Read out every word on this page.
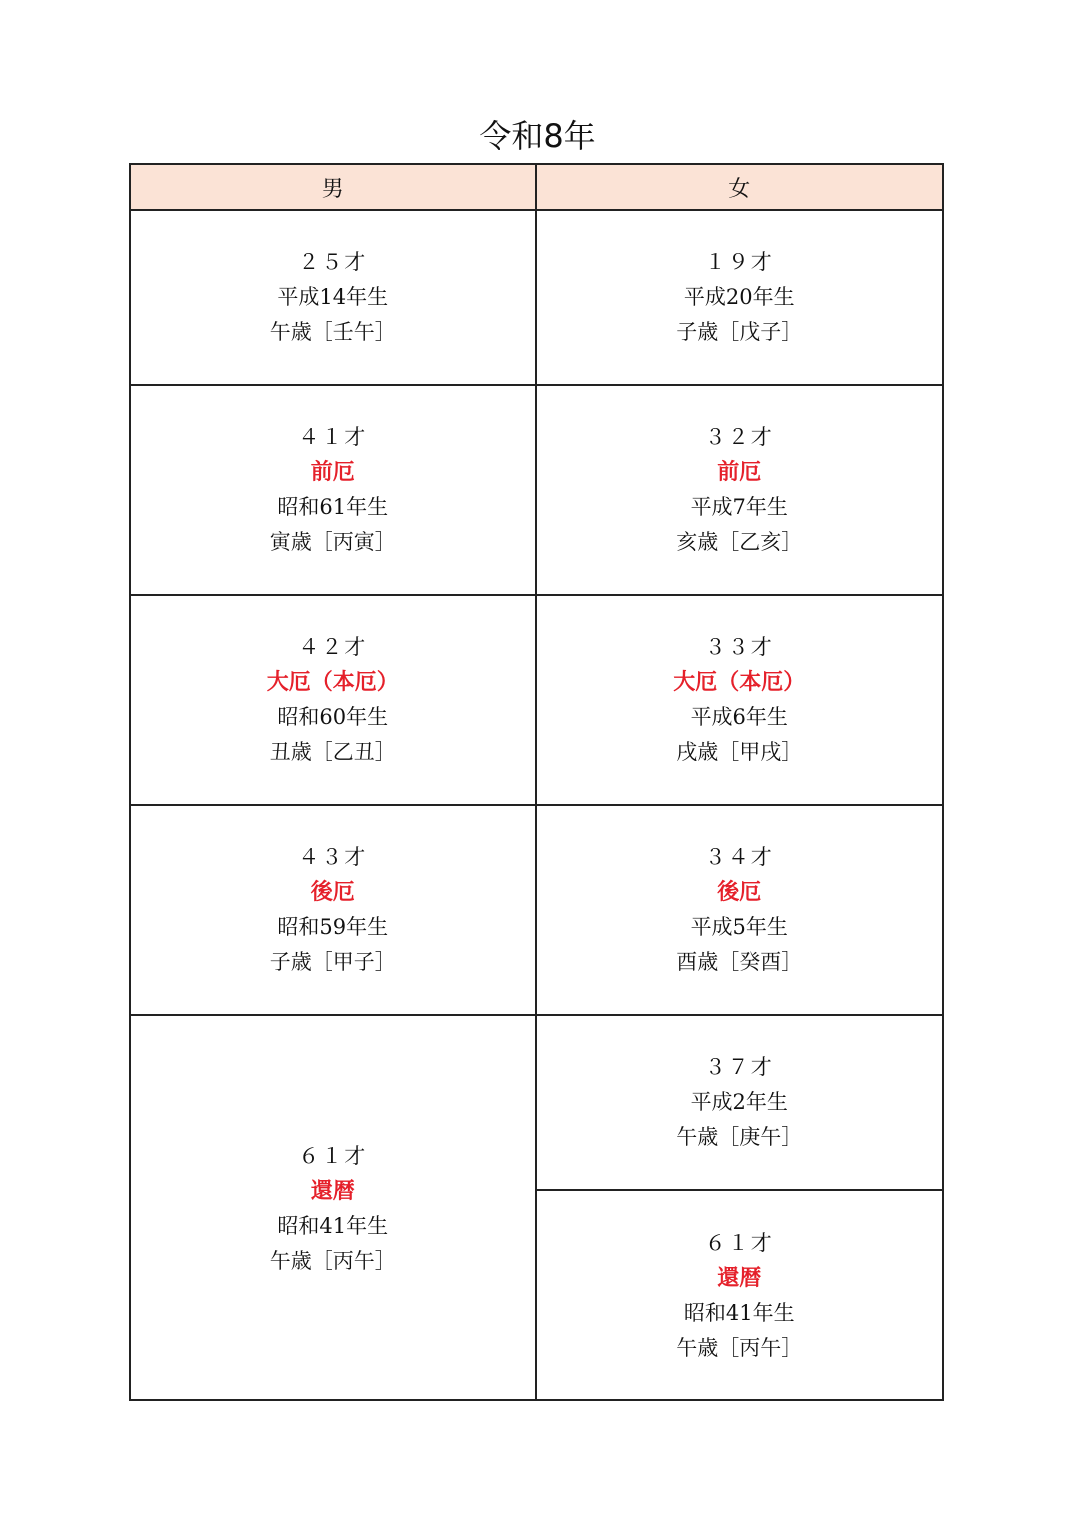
令和8年
男	女
２５才
平成14年生
午歳［壬午］
１９才
平成20年生
子歳［戊子］
４１才
前厄
昭和61年生
寅歳［丙寅］
３２才
前厄
平成7年生
亥歳［乙亥］
４２才
大厄（本厄）
昭和60年生
丑歳［乙丑］
３３才
大厄（本厄）
平成6年生
戌歳［甲戌］
４３才
後厄
昭和59年生
子歳［甲子］
３４才
後厄
平成5年生
酉歳［癸酉］
６１才
還暦
昭和41年生
午歳［丙午］
３７才
平成2年生
午歳［庚午］
６１才
還暦
昭和41年生
午歳［丙午］
